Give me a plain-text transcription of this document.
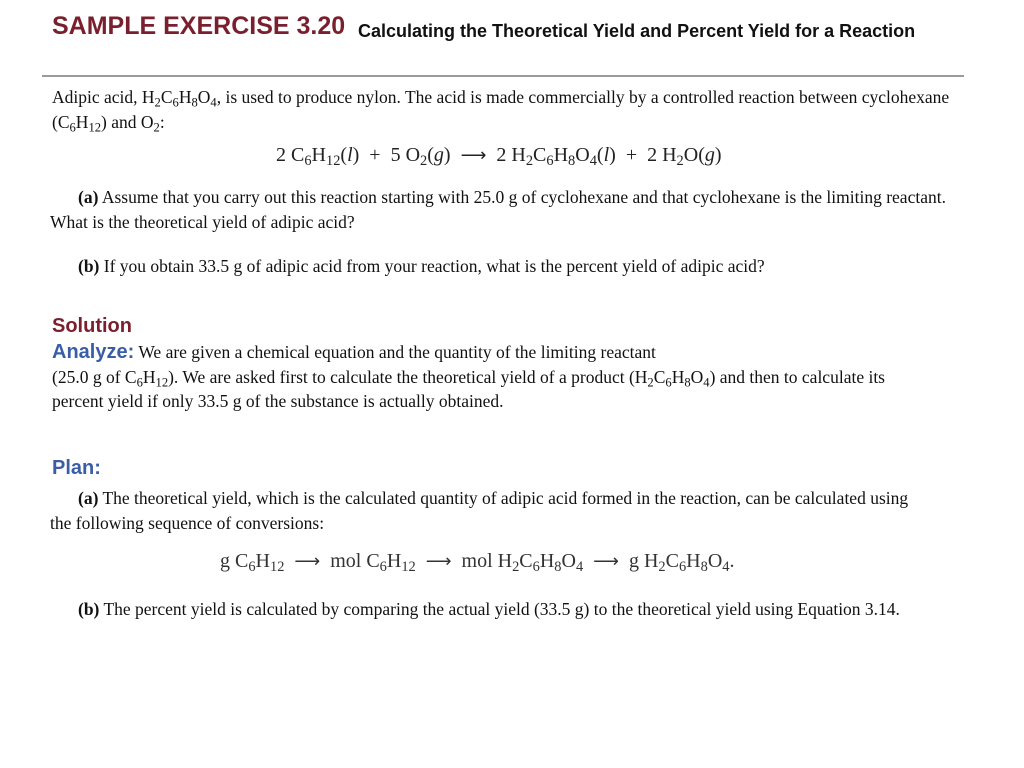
SAMPLE EXERCISE 3.20 Calculating the Theoretical Yield and Percent Yield for a Reaction
Adipic acid, $H_2C_6H_8O_4$, is used to produce nylon. The acid is made commercially by a controlled reaction between cyclohexane $(C_6H_{12})$ and $O_2$:
2 $C_6H_{12}(l) + 5$ $O_2(g)$ ⟶ 2 $H_2C_6H_8O_4(l) + 2$ $H_2O(g)$
(a) Assume that you carry out this reaction starting with 25.0 g of cyclohexane and that cyclohexane is the limiting reactant. What is the theoretical yield of adipic acid?
(b) If you obtain 33.5 g of adipic acid from your reaction, what is the percent yield of adipic acid?
Solution
Analyze: We are given a chemical equation and the quantity of the limiting reactant
(25.0 g of $C_6H_{12}$). We are asked first to calculate the theoretical yield of a product $(H_2C_6H_8O_4)$ and then to calculate its percent yield if only 33.5 g of the substance is actually obtained.
Plan:
(a) The theoretical yield, which is the calculated quantity of adipic acid formed in the reaction, can be calculated using the following sequence of conversions:
g $C_6H_{12}$ ⟶ mol $C_6H_{12}$ ⟶ mol $H_2C_6H_8O_4$ ⟶ g $H_2C_6H_8O_4$.
(b) The percent yield is calculated by comparing the actual yield (33.5 g) to the theoretical yield using Equation 3.14.
